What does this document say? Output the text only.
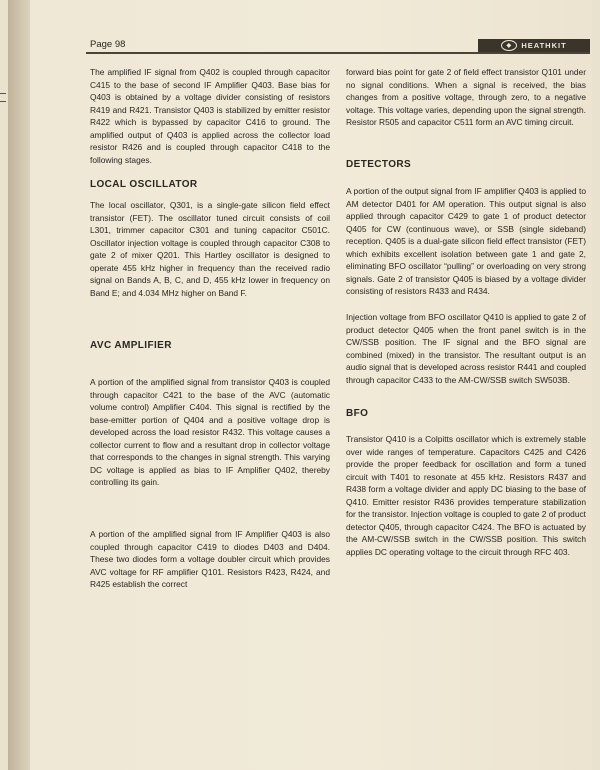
Page 98	◆	HEATHKIT
The amplified IF signal from Q402 is coupled through capacitor C415 to the base of second IF Amplifier Q403. Base bias for Q403 is obtained by a voltage divider consisting of resistors R419 and R421. Transistor Q403 is stabilized by emitter resistor R422 which is bypassed by capacitor C416 to ground. The amplified output of Q403 is applied across the collector load resistor R426 and is coupled through capacitor C418 to the following stages.
LOCAL OSCILLATOR
The local oscillator, Q301, is a single-gate silicon field effect transistor (FET). The oscillator tuned circuit consists of coil L301, trimmer capacitor C301 and tuning capacitor C501C. Oscillator injection voltage is coupled through capacitor C308 to gate 2 of mixer Q201. This Hartley oscillator is designed to operate 455 kHz higher in frequency than the received radio signal on Bands A, B, C, and D, 455 kHz lower in frequency on Band E; and 4.034 MHz higher on Band F.
AVC AMPLIFIER
A portion of the amplified signal from transistor Q403 is coupled through capacitor C421 to the base of the AVC (automatic volume control) Amplifier C404. This signal is rectified by the base-emitter portion of Q404 and a positive voltage drop is developed across the load resistor R432. This voltage causes a collector current to flow and a resultant drop in collector voltage that corresponds to the changes in signal strength. This varying DC voltage is applied as bias to IF Amplifier Q402, thereby controlling its gain.
A portion of the amplified signal from IF Amplifier Q403 is also coupled through capacitor C419 to diodes D403 and D404. These two diodes form a voltage doubler circuit which provides AVC voltage for RF amplifier Q101. Resistors R423, R424, and R425 establish the correct
forward bias point for gate 2 of field effect transistor Q101 under no signal conditions. When a signal is received, the bias changes from a positive voltage, through zero, to a negative voltage. This voltage varies, depending upon the signal strength. Resistor R505 and capacitor C511 form an AVC timing circuit.
DETECTORS
A portion of the output signal from IF amplifier Q403 is applied to AM detector D401 for AM operation. This output signal is also applied through capacitor C429 to gate 1 of product detector Q405 for CW (continuous wave), or SSB (single sideband) reception. Q405 is a dual-gate silicon field effect transistor (FET) which exhibits excellent isolation between gate 1 and gate 2, eliminating BFO oscillator “pulling” or overloading on very strong signals. Gate 2 of transistor Q405 is biased by a voltage divider consisting of resistors R433 and R434.
Injection voltage from BFO oscillator Q410 is applied to gate 2 of product detector Q405 when the front panel switch is in the CW/SSB position. The IF signal and the BFO signal are combined (mixed) in the transistor. The resultant output is an audio signal that is developed across resistor R441 and coupled through capacitor C433 to the AM-CW/SSB switch SW503B.
BFO
Transistor Q410 is a Colpitts oscillator which is extremely stable over wide ranges of temperature. Capacitors C425 and C426 provide the proper feedback for oscillation and form a tuned circuit with T401 to resonate at 455 kHz. Resistors R437 and R438 form a voltage divider and apply DC biasing to the base of Q410. Emitter resistor R436 provides temperature stabilization for the transistor. Injection voltage is coupled to gate 2 of product detector Q405, through capacitor C424. The BFO is actuated by the AM-CW/SSB switch in the CW/SSB position. This switch applies DC operating voltage to the circuit through RFC 403.
